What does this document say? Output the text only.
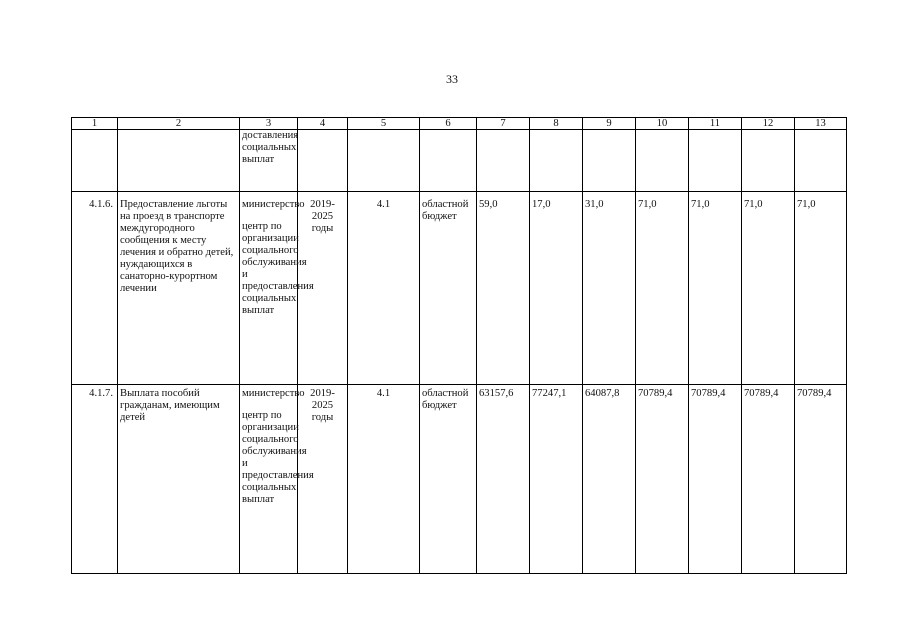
33
1	2	3	4	5	6	7	8	9	10	11	12	13
		доставления социальных выплат										
4.1.6.	Предоставление льготы на проезд в транспорте междугородного сообщения к месту лечения и обратно детей, нуждающихся в санаторно-курортном лечении	министерство
центр по организации социального обслуживания и предоставления социальных выплат	2019-2025 годы	4.1	областной бюджет	59,0	17,0	31,0	71,0	71,0	71,0	71,0
4.1.7.	Выплата пособий гражданам, имеющим детей	министерство
центр по организации социального обслуживания и предоставления социальных выплат	2019-2025 годы	4.1	областной бюджет	63157,6	77247,1	64087,8	70789,4	70789,4	70789,4	70789,4
